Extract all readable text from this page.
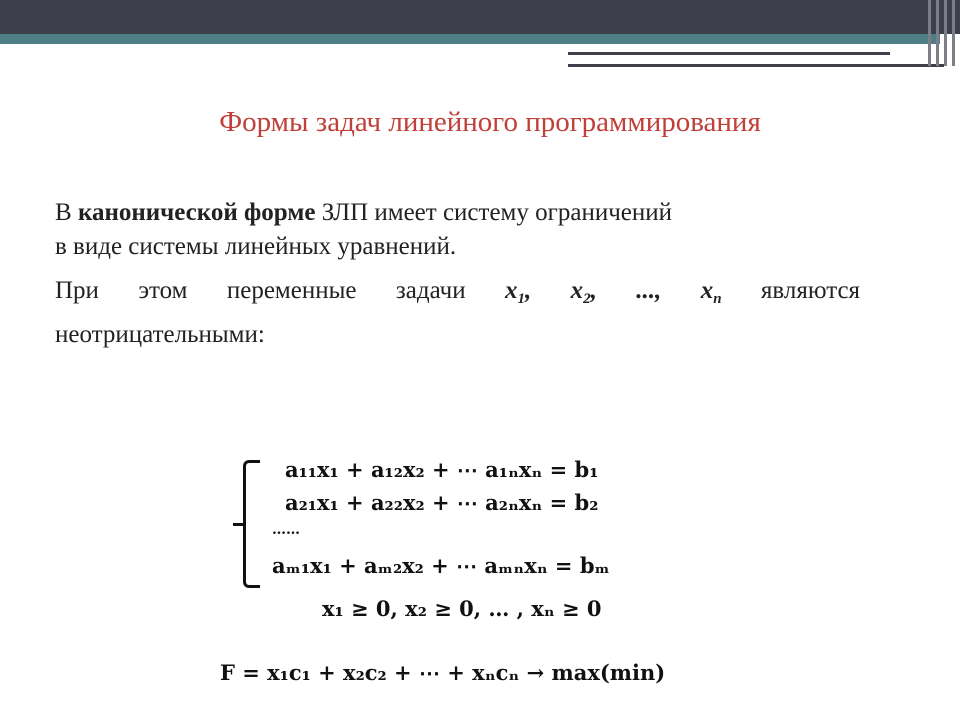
Формы задач линейного программирования
В канонической форме ЗЛП имеет систему ограничений
в виде системы линейных уравнений.
При этом переменные задачи $x_1$, $x_2$, ..., $x_n$ являются
неотрицательными:
a₁₁x₁ + a₁₂x₂ + ⋯ a₁ₙxₙ = b₁
a₂₁x₁ + a₂₂x₂ + ⋯ a₂ₙxₙ = b₂
……
aₘ₁x₁ + aₘ₂x₂ + ⋯ aₘₙxₙ = bₘ
x₁ ≥ 0, x₂ ≥ 0, … , xₙ ≥ 0
F = x₁c₁ + x₂c₂ + ⋯ + xₙcₙ → max(min)
